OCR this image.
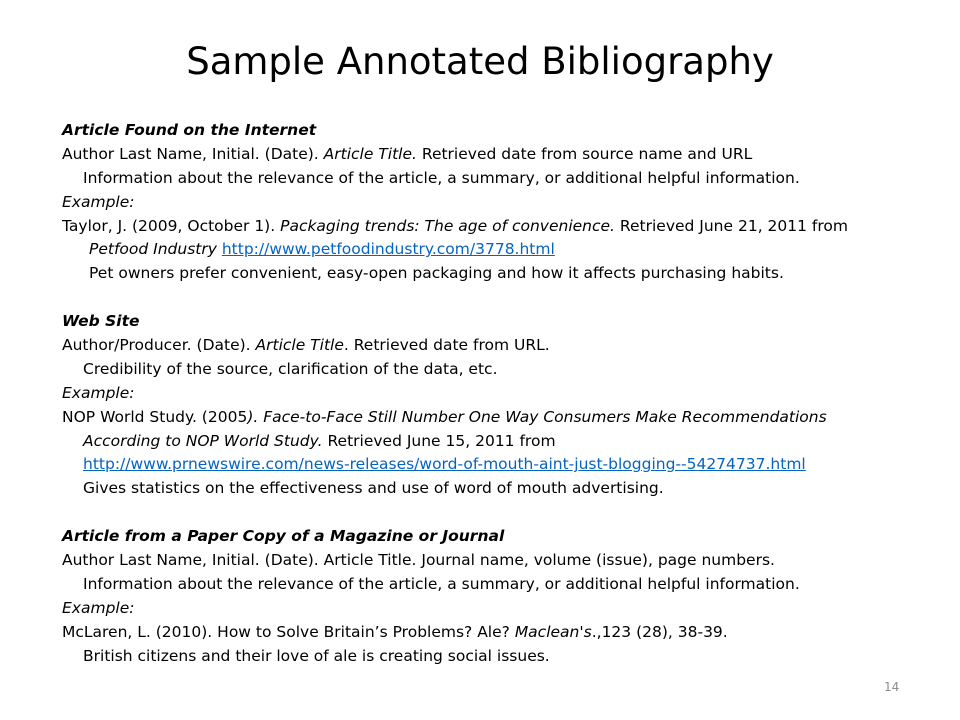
Sample Annotated Bibliography
Article Found on the Internet
Author Last Name, Initial. (Date). Article Title. Retrieved date from source name and URL
Information about the relevance of the article, a summary, or additional helpful information.
Example:
Taylor, J. (2009, October 1). Packaging trends: The age of convenience. Retrieved June 21, 2011 from
Petfood Industry http://www.petfoodindustry.com/3778.html
Pet owners prefer convenient, easy-open packaging and how it affects purchasing habits.
Web Site
Author/Producer. (Date). Article Title. Retrieved date from URL.
Credibility of the source, clarification of the data, etc.
Example:
NOP World Study. (2005). Face-to-Face Still Number One Way Consumers Make Recommendations
According to NOP World Study. Retrieved June 15, 2011 from
http://www.prnewswire.com/news-releases/word-of-mouth-aint-just-blogging--54274737.html
Gives statistics on the effectiveness and use of word of mouth advertising.
Article from a Paper Copy of a Magazine or Journal
Author Last Name, Initial. (Date). Article Title. Journal name, volume (issue), page numbers.
Information about the relevance of the article, a summary, or additional helpful information.
Example:
McLaren, L. (2010). How to Solve Britain’s Problems? Ale? Maclean's.,123 (28), 38-39.
British citizens and their love of ale is creating social issues.
14
